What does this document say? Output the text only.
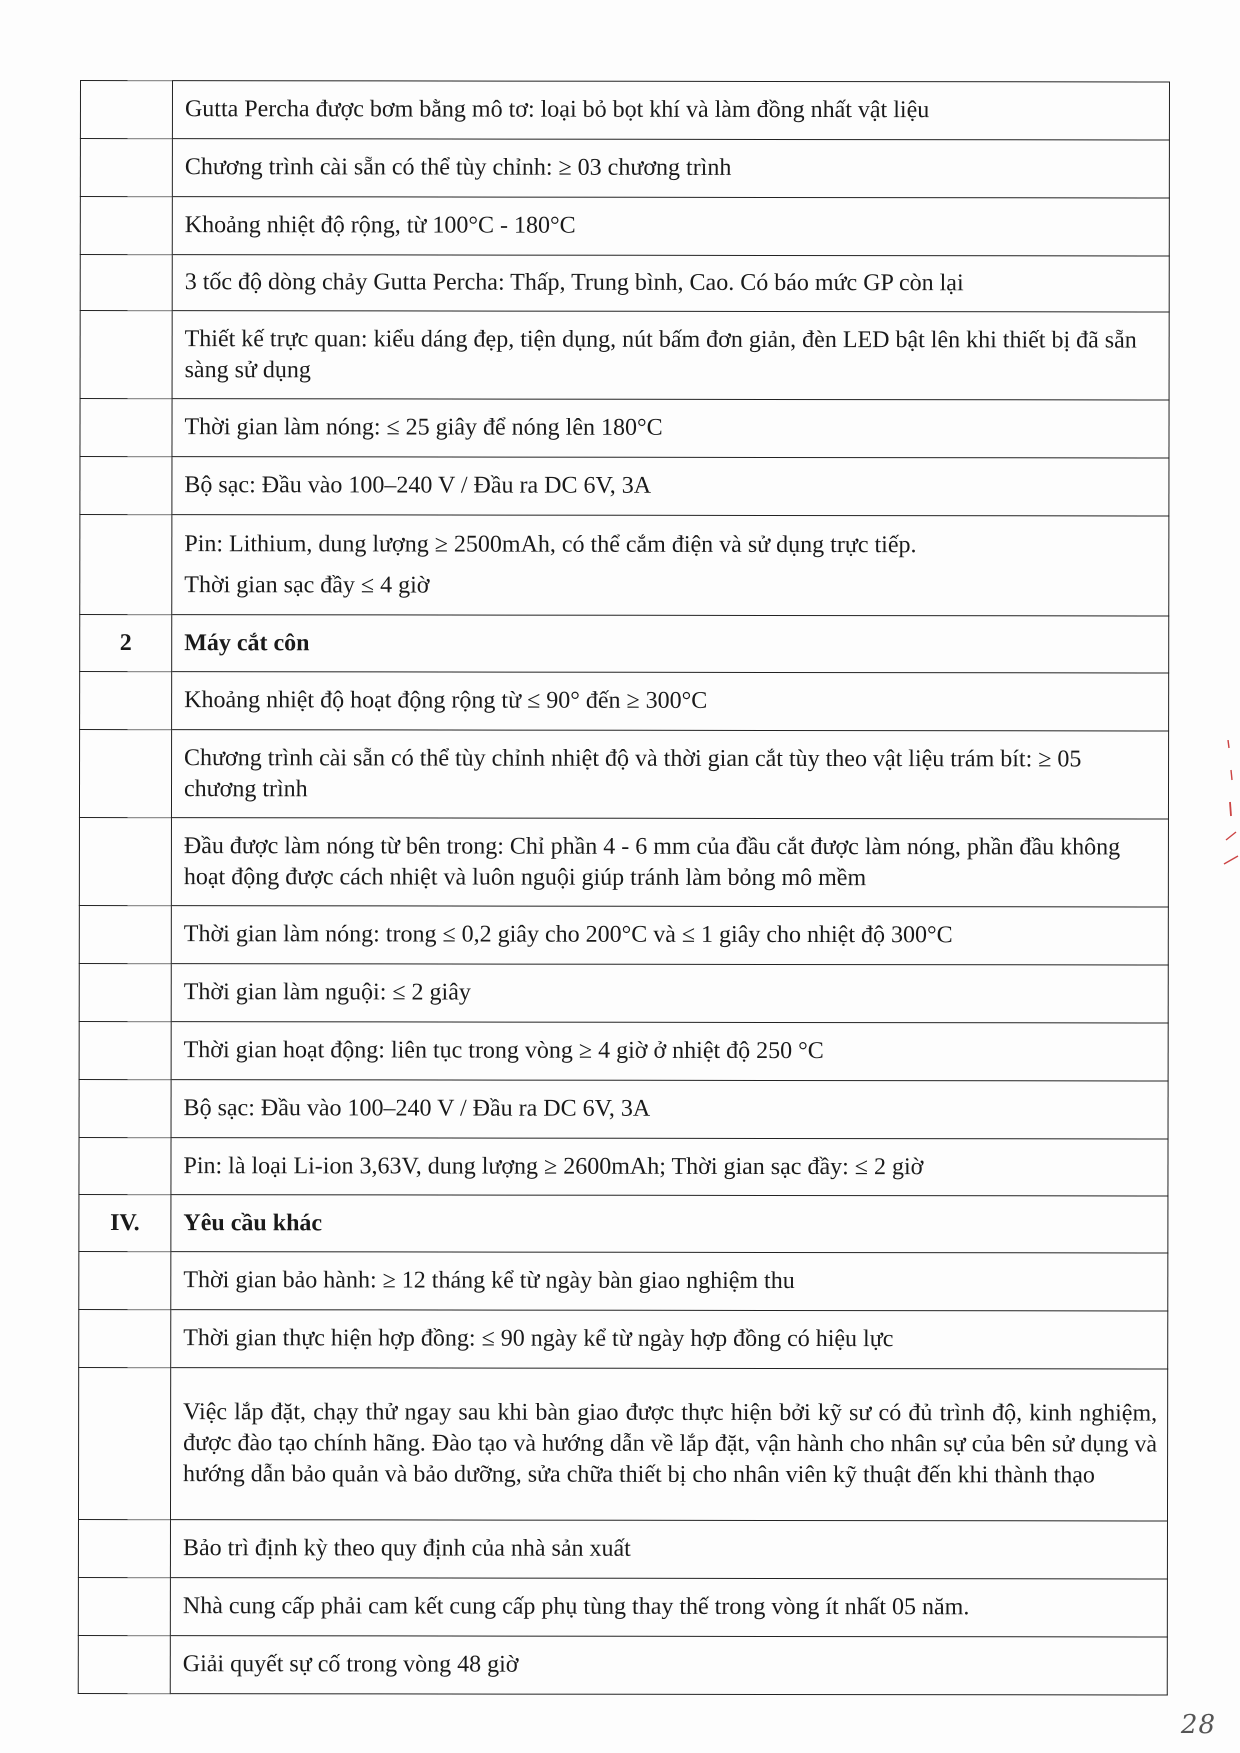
	Gutta Percha được bơm bằng mô tơ: loại bỏ bọt khí và làm đồng nhất vật liệu
	Chương trình cài sẵn có thể tùy chỉnh: ≥ 03 chương trình
	Khoảng nhiệt độ rộng, từ 100°C - 180°C
	3 tốc độ dòng chảy Gutta Percha: Thấp, Trung bình, Cao. Có báo mức GP còn lại
	Thiết kế trực quan: kiểu dáng đẹp, tiện dụng, nút bấm đơn giản, đèn LED bật lên khi thiết bị đã sẵn sàng sử dụng
	Thời gian làm nóng: ≤ 25 giây để nóng lên 180°C
	Bộ sạc: Đầu vào 100–240 V / Đầu ra DC 6V, 3A

	Pin: Lithium, dung lượng ≥ 2500mAh, có thể cắm điện và sử dụng trực tiếp.
Thời gian sạc đầy ≤ 4 giờ

2	Máy cắt côn
	Khoảng nhiệt độ hoạt động rộng từ ≤ 90° đến ≥ 300°C
	Chương trình cài sẵn có thể tùy chỉnh nhiệt độ và thời gian cắt tùy theo vật liệu trám bít: ≥ 05 chương trình
	Đầu được làm nóng từ bên trong: Chỉ phần 4 - 6 mm của đầu cắt được làm nóng, phần đầu không hoạt động được cách nhiệt và luôn nguội giúp tránh làm bỏng mô mềm
	Thời gian làm nóng: trong ≤ 0,2 giây cho 200°C và ≤ 1 giây cho nhiệt độ 300°C
	Thời gian làm nguội: ≤ 2 giây
	Thời gian hoạt động: liên tục trong vòng ≥ 4 giờ ở nhiệt độ 250 °C
	Bộ sạc: Đầu vào 100–240 V / Đầu ra DC 6V, 3A
	Pin: là loại Li-ion 3,63V, dung lượng ≥ 2600mAh; Thời gian sạc đầy: ≤ 2 giờ
IV.	Yêu cầu khác
	Thời gian bảo hành: ≥ 12 tháng kể từ ngày bàn giao nghiệm thu
	Thời gian thực hiện hợp đồng: ≤ 90 ngày kể từ ngày hợp đồng có hiệu lực
	Việc lắp đặt, chạy thử ngay sau khi bàn giao được thực hiện bởi kỹ sư có đủ trình độ, kinh nghiệm, được đào tạo chính hãng. Đào tạo và hướng dẫn về lắp đặt, vận hành cho nhân sự của bên sử dụng và hướng dẫn bảo quản và bảo dưỡng, sửa chữa thiết bị cho nhân viên kỹ thuật đến khi thành thạo
	Bảo trì định kỳ theo quy định của nhà sản xuất
	Nhà cung cấp phải cam kết cung cấp phụ tùng thay thế trong vòng ít nhất 05 năm.
	Giải quyết sự cố trong vòng 48 giờ
28
